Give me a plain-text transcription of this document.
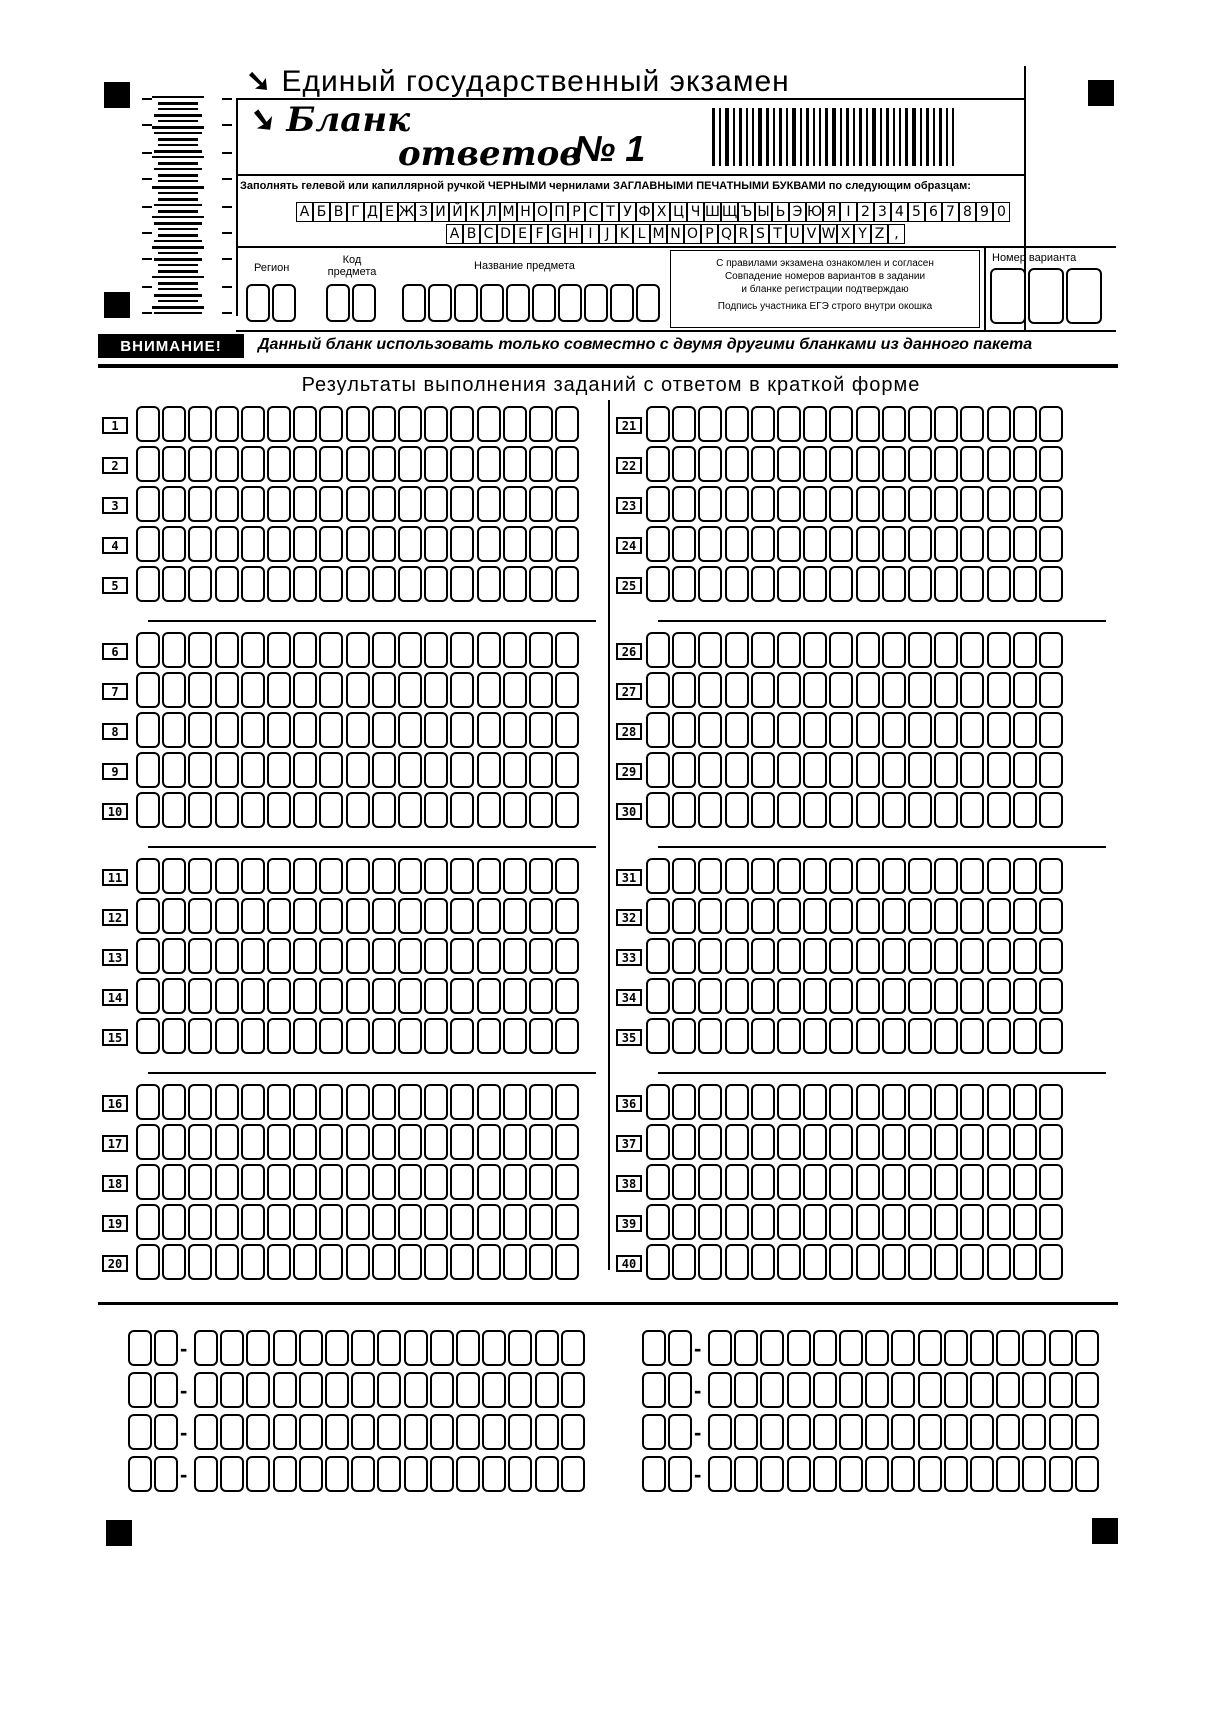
➘ Единый государственный экзамен
➘ Бланк
ответов
№ 1
Заполнять гелевой или капиллярной ручкой ЧЕРНЫМИ чернилами ЗАГЛАВНЫМИ ПЕЧАТНЫМИ БУКВАМИ по следующим образцам:
А Б В Г Д Е Ж З И Й К Л М Н О П Р С Т У Ф Х Ц Ч Ш Щ Ъ Ы Ь Э Ю Я I 2 3 4 5 6 7 8 9 0
A B C D E F G H I J K L M N O P Q R S T U V W X Y Z ,
Регион
Код
предмета	Название предмета	С правилами экзамена ознакомлен и согласен
Совпадение номеров вариантов в задании
и бланке регистрации подтверждаю
Подпись участника ЕГЭ строго внутри окошка
Номер варианта
ВНИМАНИЕ!	Данный бланк использовать только совместно с двумя другими бланками из данного пакета
Результаты выполнения заданий с ответом в краткой форме
1	21
2	22
3	23
4	24
5	25
6	26
7	27
8	28
9	29
10	30
11	31
12	32
13	33
14	34
15	35
16	36
17	37
18	38
19	39
20	40
-	-
-	-
-	-
-	-
